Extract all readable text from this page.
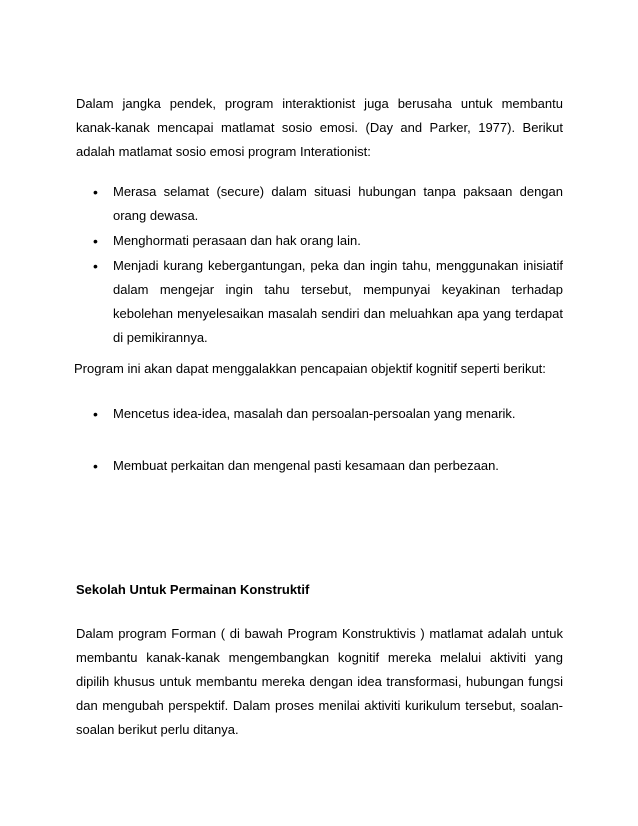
Dalam jangka pendek, program interaktionist juga berusaha untuk membantu kanak-kanak mencapai matlamat sosio emosi. (Day and Parker, 1977). Berikut adalah matlamat sosio emosi program Interationist:

• Merasa selamat (secure) dalam situasi hubungan tanpa paksaan dengan orang dewasa.
• Menghormati perasaan dan hak orang lain.
• Menjadi kurang kebergantungan, peka dan ingin tahu, menggunakan inisiatif dalam mengejar ingin tahu tersebut, mempunyai keyakinan terhadap kebolehan menyelesaikan masalah sendiri dan meluahkan apa yang terdapat di pemikirannya.

Program ini akan dapat menggalakkan pencapaian objektif kognitif seperti berikut:

• Mencetus idea-idea, masalah dan persoalan-persoalan yang menarik.
• Membuat perkaitan dan mengenal pasti kesamaan dan perbezaan.
Sekolah Untuk Permainan Konstruktif

Dalam program Forman ( di bawah Program Konstruktivis ) matlamat adalah untuk membantu kanak-kanak mengembangkan kognitif mereka melalui aktiviti yang dipilih khusus untuk membantu mereka dengan idea transformasi, hubungan fungsi dan mengubah perspektif. Dalam proses menilai aktiviti kurikulum tersebut, soalan-soalan berikut perlu ditanya.
